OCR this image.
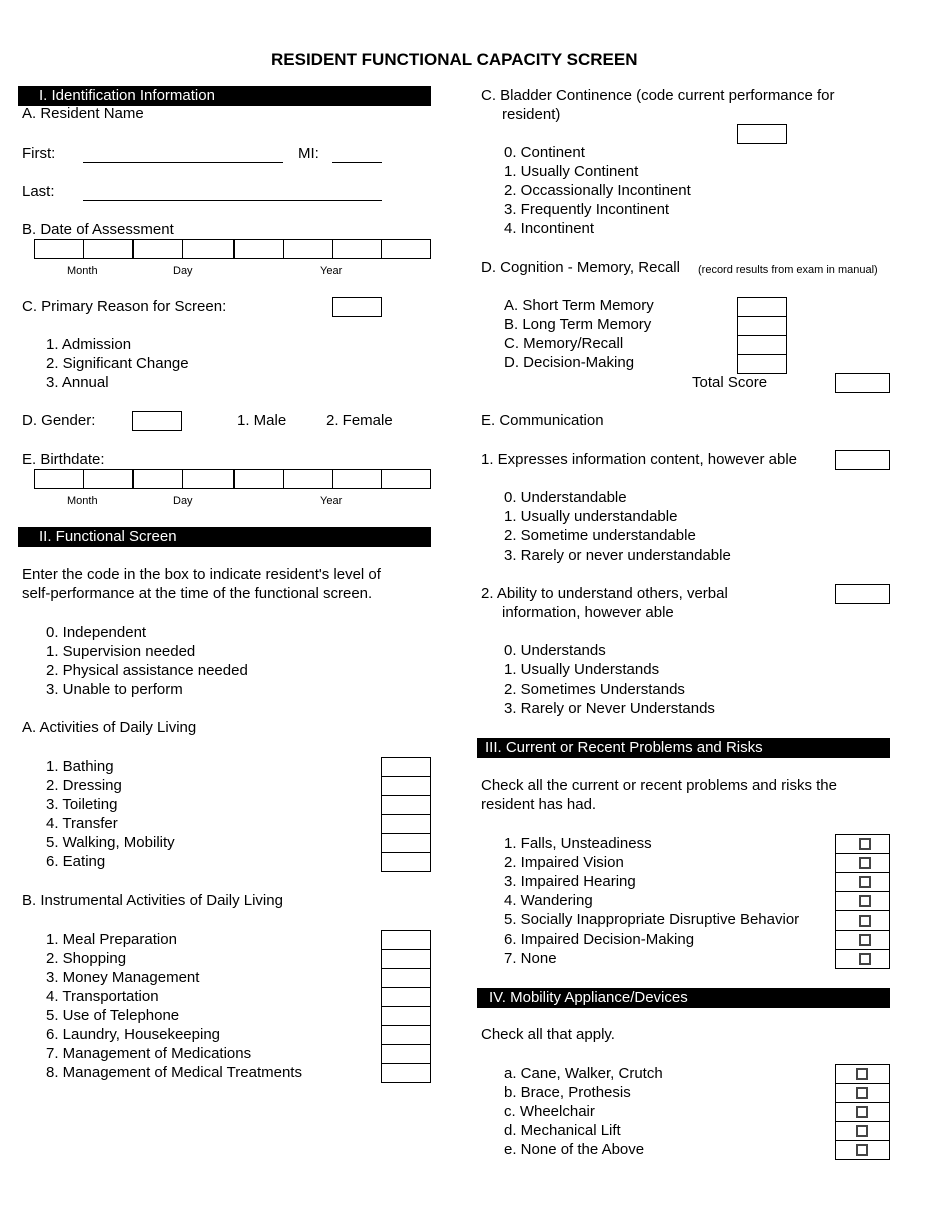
RESIDENT FUNCTIONAL CAPACITY SCREEN
I. Identification Information
A. Resident Name
First:	MI:
Last:
B. Date of Assessment
Month	Day	Year
C. Primary Reason for Screen:
1. Admission
2. Significant Change
3. Annual
D. Gender:	1. Male	2. Female
E. Birthdate:
Month	Day	Year
II. Functional Screen
Enter the code in the box to indicate resident's level of
self-performance at the time of the functional screen.
0. Independent
1. Supervision needed
2. Physical assistance needed
3. Unable to perform
A. Activities of Daily Living
1. Bathing
2. Dressing
3. Toileting
4. Transfer
5. Walking, Mobility
6. Eating
B. Instrumental Activities of Daily Living
1. Meal Preparation
2. Shopping
3. Money Management
4. Transportation
5. Use of Telephone
6. Laundry, Housekeeping
7. Management of Medications
8. Management of Medical Treatments
C. Bladder Continence (code current performance for
resident)
0. Continent
1. Usually Continent
2. Occassionally Incontinent
3. Frequently Incontinent
4. Incontinent
D. Cognition - Memory, Recall (record results from exam in manual)
A. Short Term Memory
B. Long Term Memory
C. Memory/Recall
D. Decision-Making
Total Score
E. Communication
1. Expresses information content, however able
0. Understandable
1. Usually understandable
2. Sometime understandable
3. Rarely or never understandable
2. Ability to understand others, verbal
information, however able
0. Understands
1. Usually Understands
2. Sometimes Understands
3. Rarely or Never Understands
III. Current or Recent Problems and Risks
Check all the current or recent problems and risks the
resident has had.
1. Falls, Unsteadiness
2. Impaired Vision
3. Impaired Hearing
4. Wandering
5. Socially Inappropriate Disruptive Behavior
6. Impaired Decision-Making
7. None
IV. Mobility Appliance/Devices
Check all that apply.
a. Cane, Walker, Crutch
b. Brace, Prothesis
c. Wheelchair
d. Mechanical Lift
e. None of the Above
